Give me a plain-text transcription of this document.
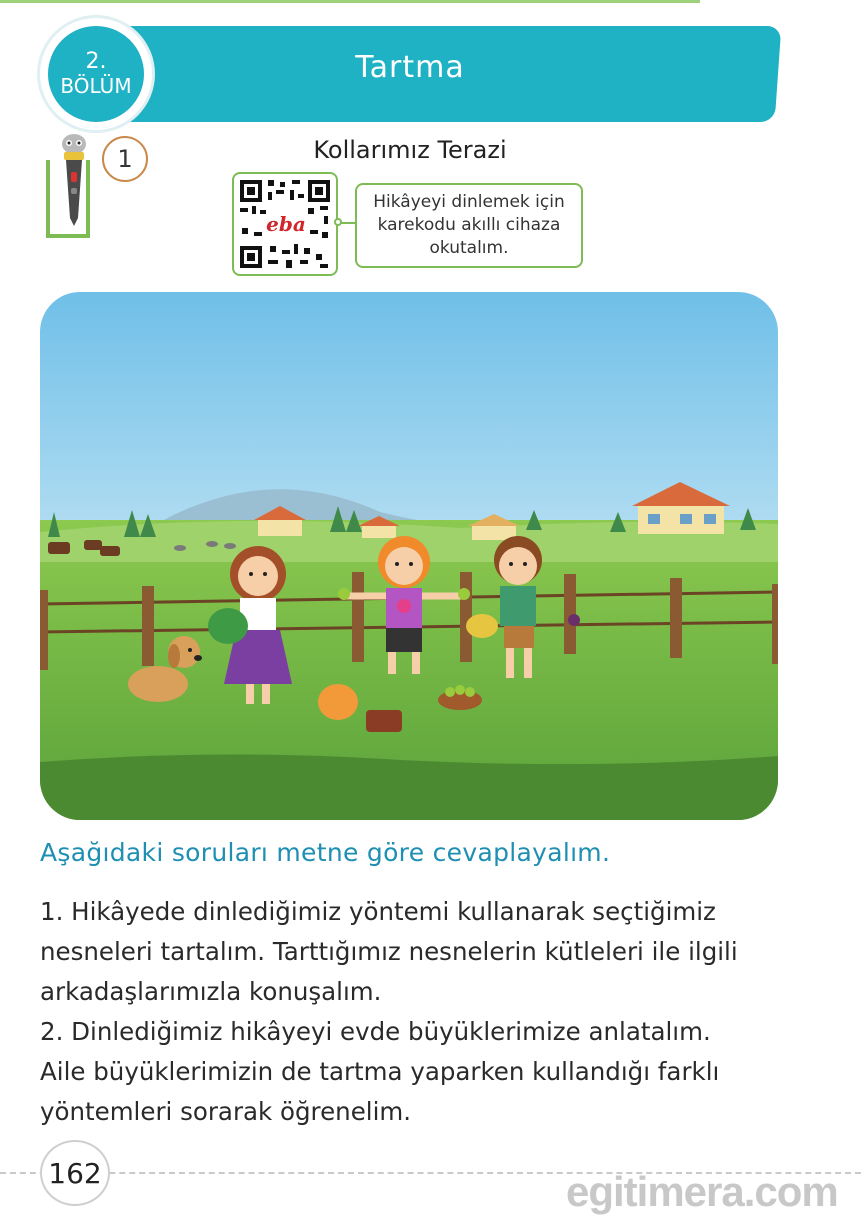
Tartma
2.
BÖLÜM
1	Kollarımız Terazi
eba
Hikâyeyi dinlemek için karekodu akıllı cihaza okutalım.
Aşağıdaki soruları metne göre cevaplayalım.

1. Hikâyede dinlediğimiz yöntemi kullanarak seçtiğimiz

nesneleri tartalım. Tarttığımız nesnelerin kütleleri ile ilgili

arkadaşlarımızla konuşalım.

2. Dinlediğimiz hikâyeyi evde büyüklerimize anlatalım.

Aile büyüklerimizin de tartma yaparken kullandığı farklı

yöntemleri sorarak öğrenelim.

162	egitimera.com
